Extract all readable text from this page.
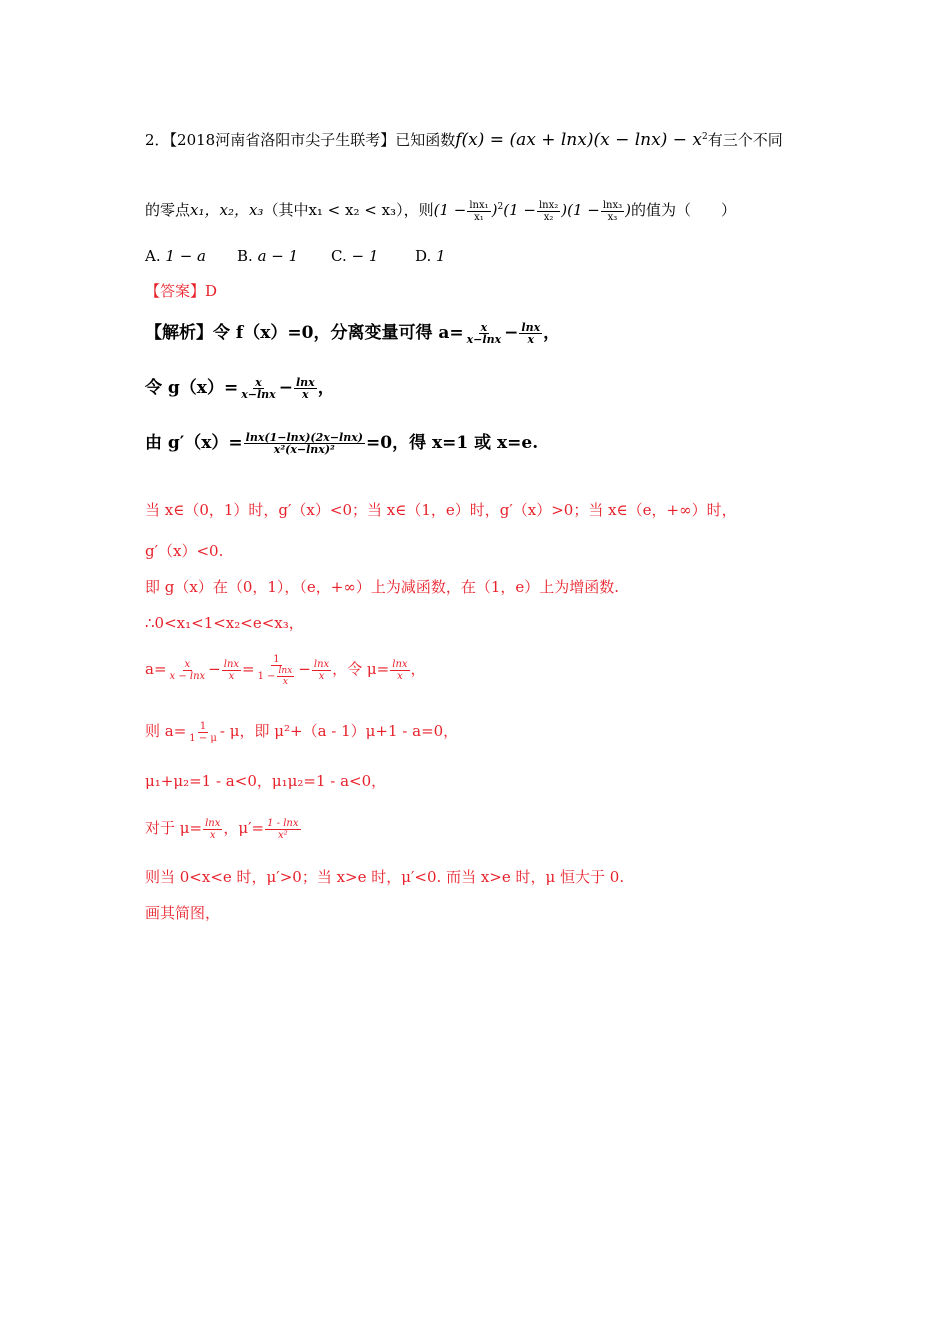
2．【2018河南省洛阳市尖子生联考】已知函数$f(x) = (ax + \ln x)(x - \ln x) - x^2$有三个不同
的零点x₁，x₂，x₃（其中x₁ < x₂ < x₃），则$(1 - \frac{\text{lnx₁}}{\text{x₁}} )^2(1 - \frac{\text{lnx₂}}{\text{x₂}} )(1 - \frac{\text{lnx₃}}{\text{x₃}}$ )的值为（　　）
A. 1 − a B. a − 1 C. − 1 D. 1
【答案】D
【解析】令 f（x）=0，分离变量可得 $a= \frac{x}{x-\ln x} - \frac{\ln x}{x}$ ，
令 $g(x)= \frac{x}{x-\ln x} - \frac{\ln x}{x}$ ，
由 $g'(x)= \frac{\ln x(1-\ln x)(2x-\ln x)}{\text{x²(x−lnx)²}} =0$，得 x=1 或 x=e.
当 x∈（0，1）时，g′（x）<0；当 x∈（1，e）时，g′（x）>0；当 x∈（e，+∞）时，
g′（x）<0.
即 g（x）在（0，1），（e，+∞）上为减函数，在（1，e）上为增函数.
∴0<x₁<1<x₂<e<x₃，
$a= \frac{x}{x - \ln x} - \frac{\ln x}{x} = \frac{1}{1 - \frac{\ln x}{x}} - \frac{\ln x}{x}$ ，令 $\mu= \frac{\ln x}{x}$ ，
则 $a= \frac{1}{1 - \mu} - \mu$，即 μ²+（a - 1）μ+1 - a=0，
μ₁+μ₂=1 - a<0，μ₁μ₂=1 - a<0，
对于 $\mu= \frac{\ln x}{x}$ ，$\mu'= \frac{1 - \ln x}{\text{x²}}$
则当 0<x<e 时，μ′>0；当 x>e 时，μ′<0. 而当 x>e 时，μ 恒大于 0.
画其简图，
